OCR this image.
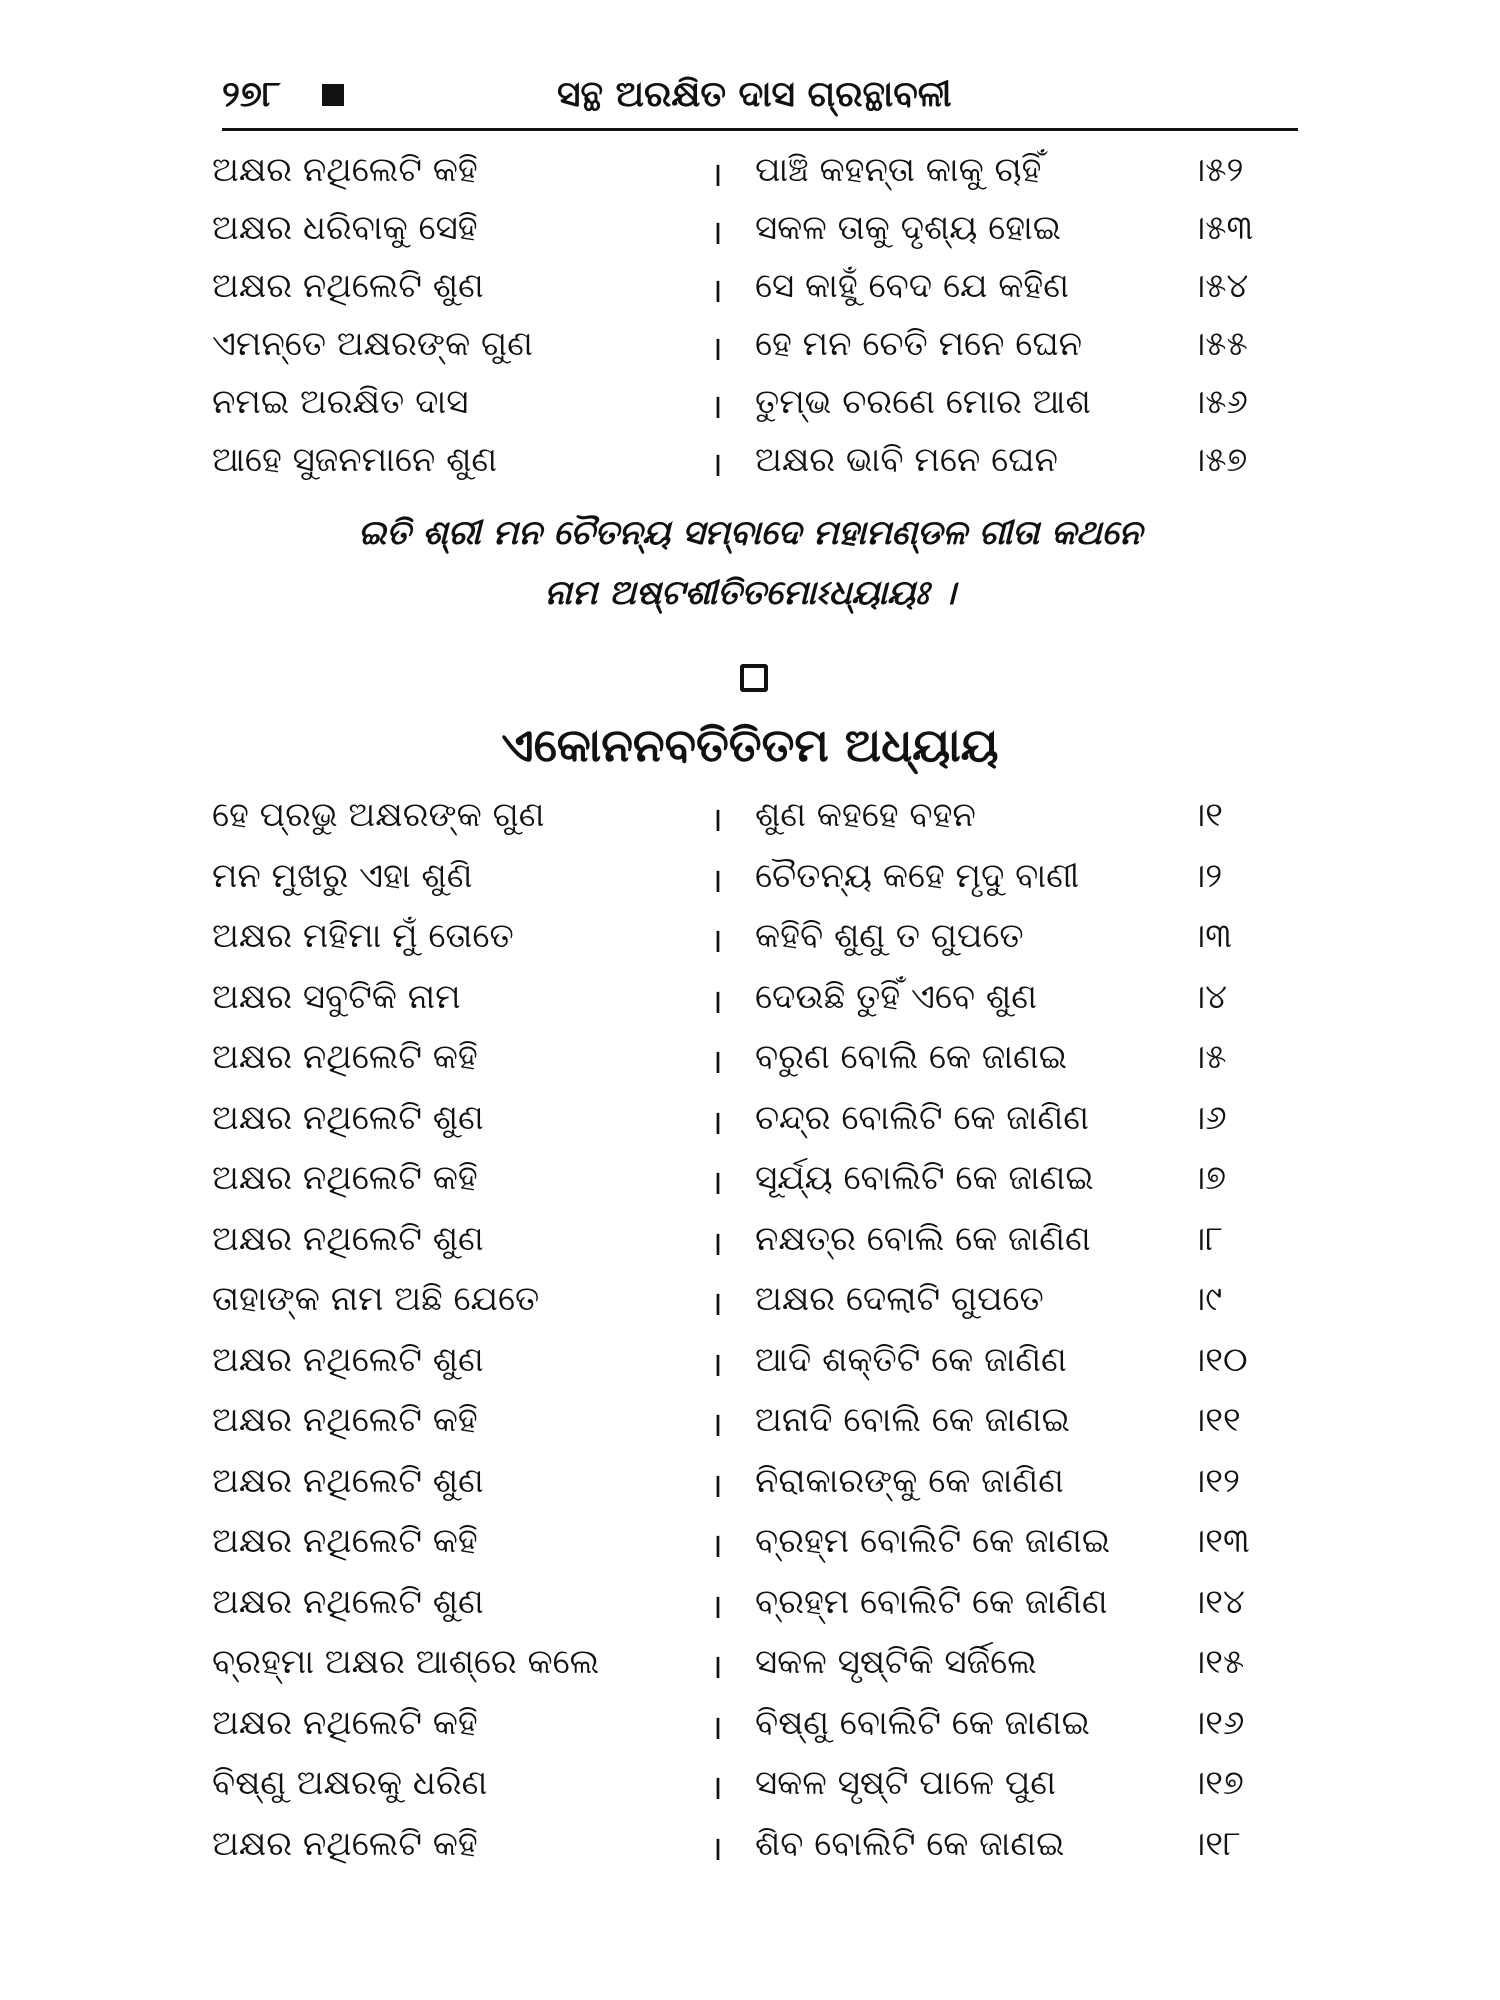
୨୭୮	ସନ୍ଥ ଅରକ୍ଷିତ ଦାସ ଗ୍ରନ୍ଥାବଳୀ
ଅକ୍ଷର ନଥିଲେଟି କହି	। ପାଞ୍ଚି କହନ୍ତା କାକୁ ଚାହିଁ	।୫୨
ଅକ୍ଷର ଧରିବାକୁ ସେହି	। ସକଳ ତାକୁ ଦୃଶ୍ୟ ହୋଇ	।୫୩
ଅକ୍ଷର ନଥିଲେଟି ଶୁଣ	। ସେ କାହୁଁ ବେଦ ଯେ କହିଣ	।୫୪
ଏମନ୍ତେ ଅକ୍ଷରଙ୍କ ଗୁଣ	। ହେ ମନ ଚେତି ମନେ ଘେନ	।୫୫
ନମଇ ଅରକ୍ଷିତ ଦାସ	। ତୁମ୍ଭ ଚରଣେ ମୋର ଆଶ	।୫୬
ଆହେ ସୁଜନମାନେ ଶୁଣ	। ଅକ୍ଷର ଭାବି ମନେ ଘେନ	।୫୭
ଇତି ଶ୍ରୀ ମନ ଚୈତନ୍ୟ ସମ୍ବାଦେ ମହାମଣ୍ଡଳ ଗୀତା କଥନେ
ନାମ ଅଷ୍ଟଶୀତିତମୋଽଧ୍ୟାୟଃ ।
ଏକୋନନବତିତିତମ ଅଧ୍ୟାୟ
ହେ ପ୍ରଭୁ ଅକ୍ଷରଙ୍କ ଗୁଣ	। ଶୁଣ କହହେ ବହନ	।୧
ମନ ମୁଖରୁ ଏହା ଶୁଣି	। ଚୈତନ୍ୟ କହେ ମୃଦୁ ବାଣୀ	।୨
ଅକ୍ଷର ମହିମା ମୁଁ ତୋତେ	। କହିବି ଶୁଣୁ ତ ଗୁପତେ	।୩
ଅକ୍ଷର ସବୁଟିକି ନାମ	। ଦେଉଛି ତୁହିଁ ଏବେ ଶୁଣ	।୪
ଅକ୍ଷର ନଥିଲେଟି କହି	। ବରୁଣ ବୋଲି କେ ଜାଣଇ	।୫
ଅକ୍ଷର ନଥିଲେଟି ଶୁଣ	। ଚନ୍ଦ୍ର ବୋଲିଟି କେ ଜାଣିଣ	।୬
ଅକ୍ଷର ନଥିଲେଟି କହି	। ସୂର୍ଯ୍ୟ ବୋଲିଟି କେ ଜାଣଇ	।୭
ଅକ୍ଷର ନଥିଲେଟି ଶୁଣ	। ନକ୍ଷତ୍ର ବୋଲି କେ ଜାଣିଣ	।୮
ତାହାଙ୍କ ନାମ ଅଛି ଯେତେ	। ଅକ୍ଷର ଦେଲାଟି ଗୁପତେ	।୯
ଅକ୍ଷର ନଥିଲେଟି ଶୁଣ	। ଆଦି ଶକ୍ତିଟି କେ ଜାଣିଣ	।୧୦
ଅକ୍ଷର ନଥିଲେଟି କହି	। ଅନାଦି ବୋଲି କେ ଜାଣଇ	।୧୧
ଅକ୍ଷର ନଥିଲେଟି ଶୁଣ	। ନିରାକାରଙ୍କୁ କେ ଜାଣିଣ	।୧୨
ଅକ୍ଷର ନଥିଲେଟି କହି	। ବ୍ରହ୍ମ ବୋଲିଟି କେ ଜାଣଇ ।୧୩
ଅକ୍ଷର ନଥିଲେଟି ଶୁଣ	। ବ୍ରହ୍ମ ବୋଲିଟି କେ ଜାଣିଣ ।୧୪
ବ୍ରହ୍ମା ଅକ୍ଷର ଆଶ୍ରେ କଲେ	। ସକଳ ସୃଷ୍ଟିକି ସର୍ଜିଲେ	।୧୫
ଅକ୍ଷର ନଥିଲେଟି କହି	। ବିଷ୍ଣୁ ବୋଲିଟି କେ ଜାଣଇ	।୧୬
ବିଷ୍ଣୁ ଅକ୍ଷରକୁ ଧରିଣ	। ସକଳ ସୃଷ୍ଟି ପାଳେ ପୁଣ	।୧୭
ଅକ୍ଷର ନଥିଲେଟି କହି	। ଶିବ ବୋଲିଟି କେ ଜାଣଇ	।୧୮
